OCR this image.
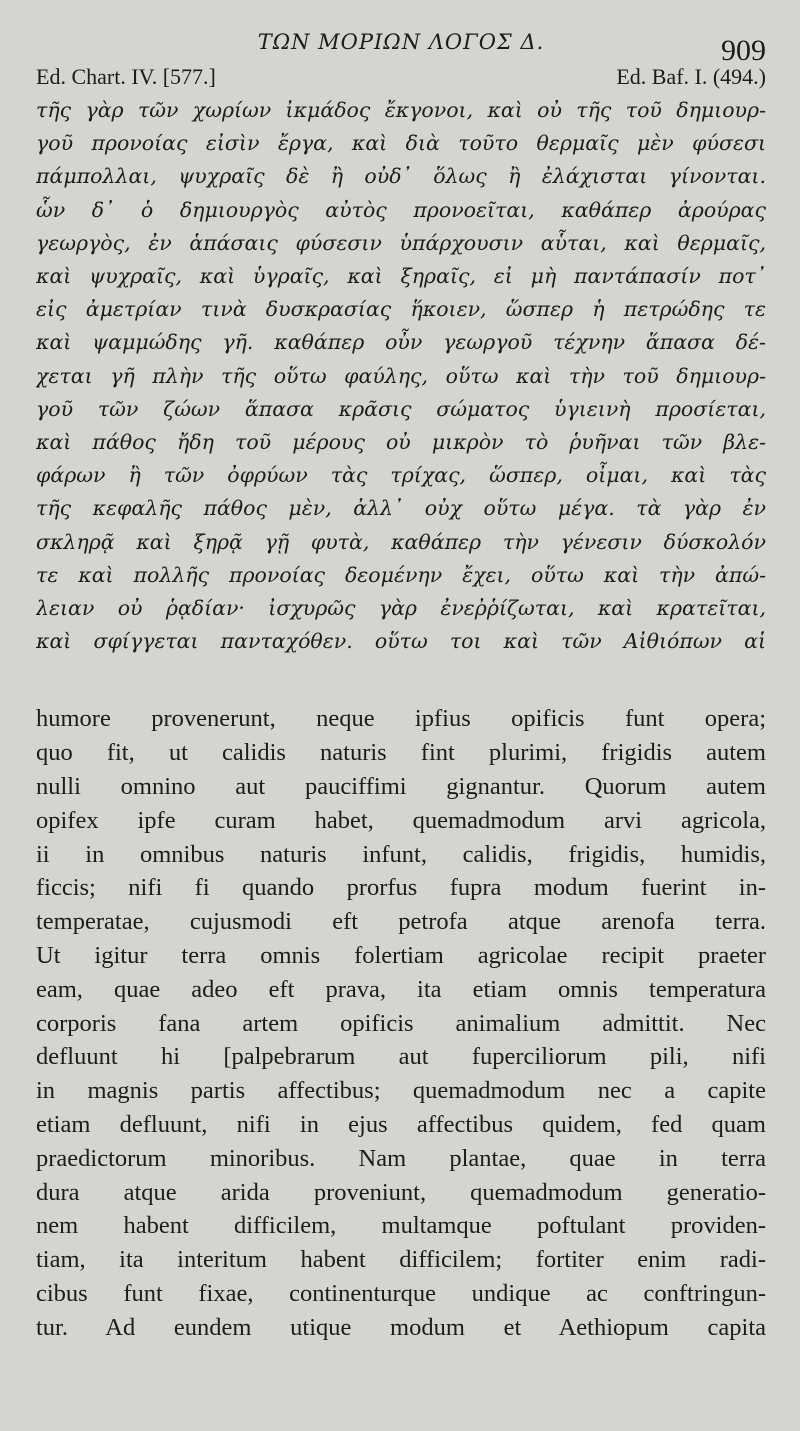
ΤΩΝ ΜΟΡΙΩΝ ΛΟΓΟΣ Δ.	909
Ed. Chart. IV. [577.]	Ed. Baf. I. (494.)
τῆς γὰρ τῶν χωρίων ἰκμάδος ἔκγονοι, καὶ οὐ τῆς τοῦ δημιουρ-
γοῦ προνοίας εἰσὶν ἔργα, καὶ διὰ τοῦτο θερμαῖς μὲν φύσεσι
πάμπολλαι, ψυχραῖς δὲ ἢ οὐδ᾽ ὅλως ἢ ἐλάχισται γίνονται.
ὧν δ᾽ ὁ δημιουργὸς αὐτὸς προνοεῖται, καθάπερ ἀρούρας
γεωργὸς, ἐν ἁπάσαις φύσεσιν ὑπάρχουσιν αὗται, καὶ θερμαῖς,
καὶ ψυχραῖς, καὶ ὑγραῖς, καὶ ξηραῖς, εἰ μὴ παντάπασίν ποτ᾽
εἰς ἀμετρίαν τινὰ δυσκρασίας ἥκοιεν, ὥσπερ ἡ πετρώδης τε
καὶ ψαμμώδης γῆ. καθάπερ οὖν γεωργοῦ τέχνην ἅπασα δέ-
χεται γῆ πλὴν τῆς οὕτω φαύλης, οὕτω καὶ τὴν τοῦ δημιουρ-
γοῦ τῶν ζώων ἅπασα κρᾶσις σώματος ὑγιεινὴ προσίεται,
καὶ πάθος ἤδη τοῦ μέρους οὐ μικρὸν τὸ ῥυῆναι τῶν βλε-
φάρων ἢ τῶν ὀφρύων τὰς τρίχας, ὥσπερ, οἶμαι, καὶ τὰς
τῆς κεφαλῆς πάθος μὲν, ἀλλ᾽ οὐχ οὕτω μέγα. τὰ γὰρ ἐν
σκληρᾷ καὶ ξηρᾷ γῇ φυτὰ, καθάπερ τὴν γένεσιν δύσκολόν
τε καὶ πολλῆς προνοίας δεομένην ἔχει, οὕτω καὶ τὴν ἀπώ-
λειαν οὐ ῥᾳδίαν· ἰσχυρῶς γὰρ ἐνεῤῥίζωται, καὶ κρατεῖται,
καὶ σφίγγεται πανταχόθεν. οὕτω τοι καὶ τῶν Αἰθιόπων αἱ
humore provenerunt, neque ipfius opificis funt opera;
quo fit, ut calidis naturis fint plurimi, frigidis autem
nulli omnino aut pauciffimi gignantur. Quorum autem
opifex ipfe curam habet, quemadmodum arvi agricola,
ii in omnibus naturis infunt, calidis, frigidis, humidis,
ficcis; nifi fi quando prorfus fupra modum fuerint in-
temperatae, cujusmodi eft petrofa atque arenofa terra.
Ut igitur terra omnis folertiam agricolae recipit praeter
eam, quae adeo eft prava, ita etiam omnis temperatura
corporis fana artem opificis animalium admittit. Nec
defluunt hi [palpebrarum aut fuperciliorum pili, nifi
in magnis partis affectibus; quemadmodum nec a capite
etiam defluunt, nifi in ejus affectibus quidem, fed quam
praedictorum minoribus. Nam plantae, quae in terra
dura atque arida proveniunt, quemadmodum generatio-
nem habent difficilem, multamque poftulant providen-
tiam, ita interitum habent difficilem; fortiter enim radi-
cibus funt fixae, continenturque undique ac conftringun-
tur. Ad eundem utique modum et Aethiopum capita
